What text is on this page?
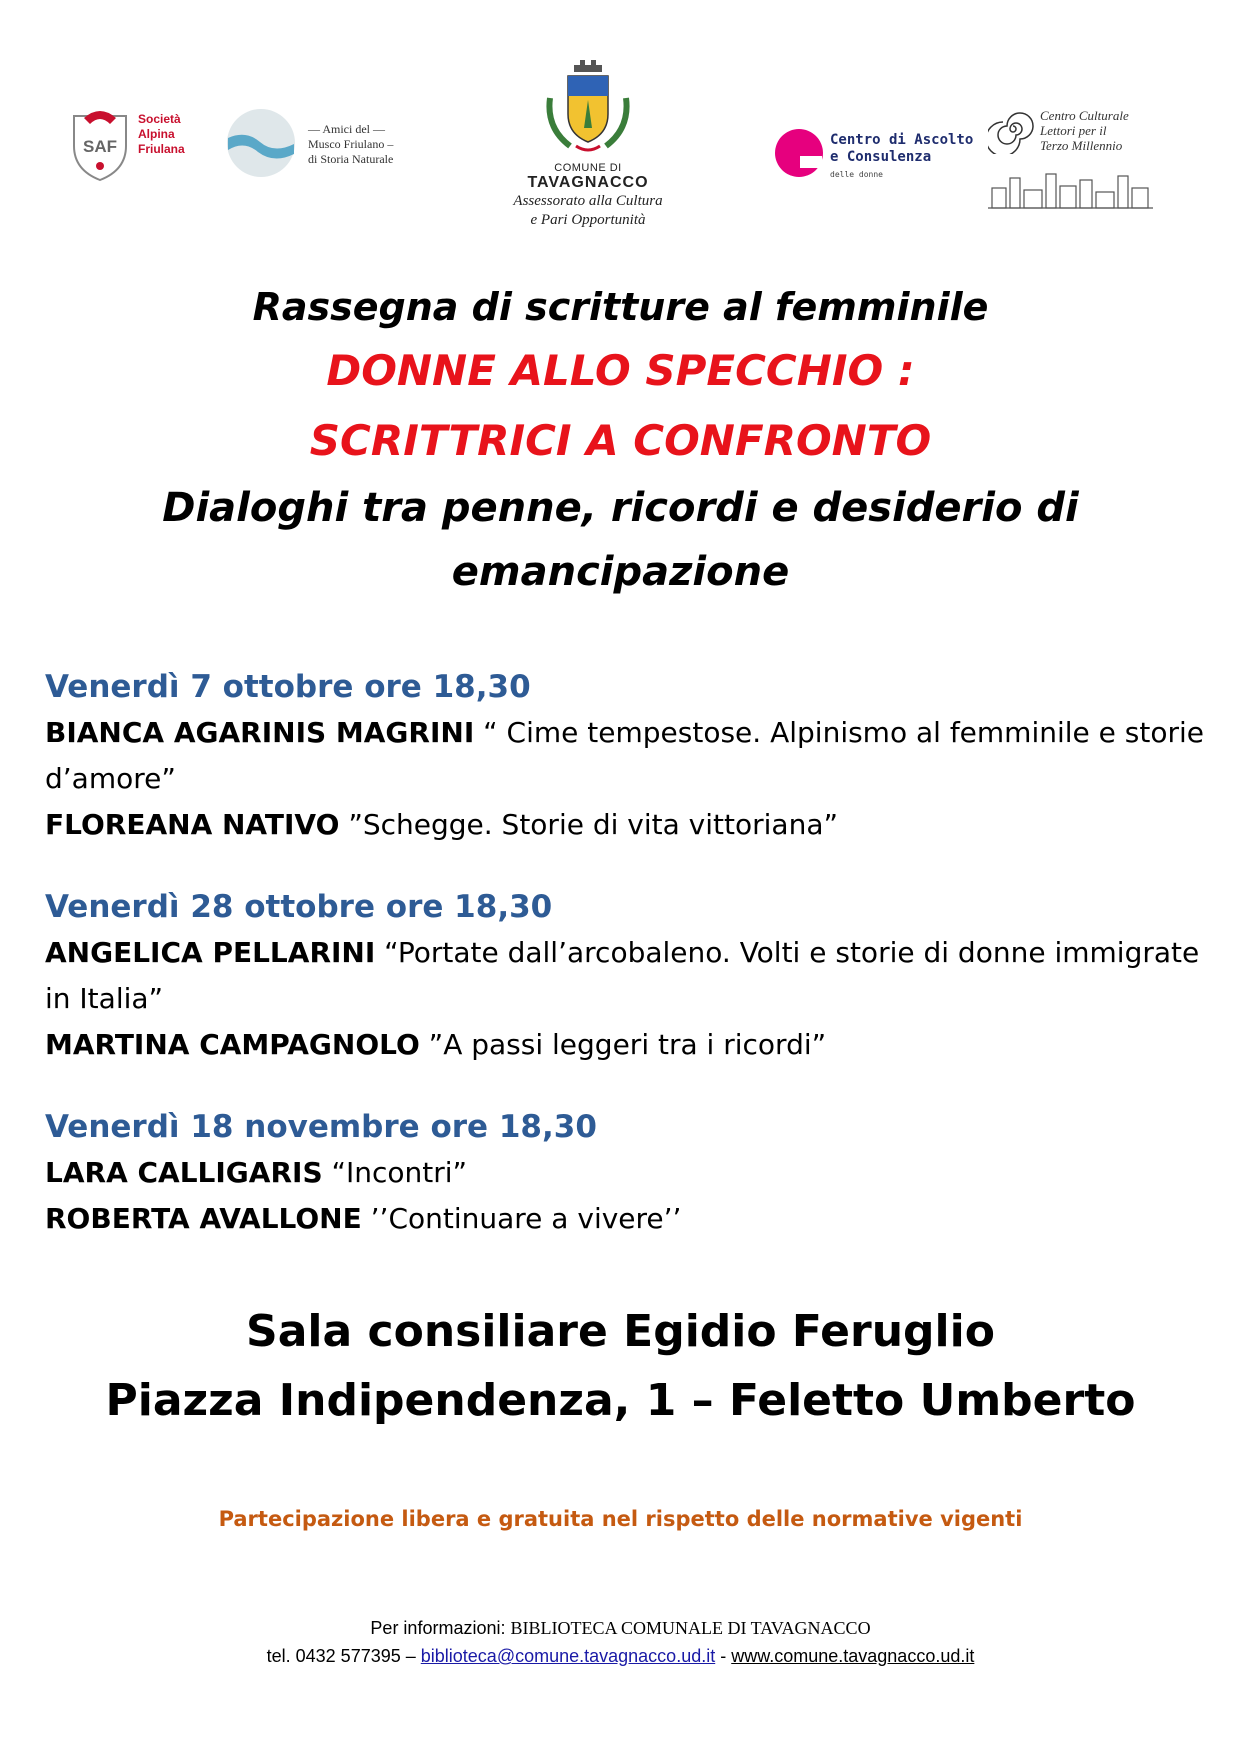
SAF
Società
Alpina
Friulana
— Amici del —
Musco Friulano –
di Storia Naturale
COMUNE DI
TAVAGNACCO
Assessorato alla Cultura
e Pari Opportunità
Centro di Ascolto
e Consulenza
delle donne
Centro Culturale
Lettori per il
Terzo Millennio
Rassegna di scritture al femminile
DONNE ALLO SPECCHIO :
SCRITTRICI A CONFRONTO
Dialoghi tra penne, ricordi e desiderio di
emancipazione
Venerdì 7 ottobre ore 18,30
BIANCA AGARINIS MAGRINI “ Cime tempestose. Alpinismo al femminile e storie d’amore”
FLOREANA NATIVO ”Schegge. Storie di vita vittoriana”
Venerdì 28 ottobre ore 18,30
ANGELICA PELLARINI “Portate dall’arcobaleno. Volti e storie di donne immigrate in Italia”
MARTINA CAMPAGNOLO ”A passi leggeri tra i ricordi”
Venerdì 18 novembre ore 18,30
LARA CALLIGARIS “Incontri”
ROBERTA AVALLONE ’’Continuare a vivere’’
Sala consiliare Egidio Feruglio
Piazza Indipendenza, 1 – Feletto Umberto
Partecipazione libera e gratuita nel rispetto delle normative vigenti
Per informazioni: BIBLIOTECA COMUNALE DI TAVAGNACCO
tel. 0432 577395 – biblioteca@comune.tavagnacco.ud.it - www.comune.tavagnacco.ud.it
